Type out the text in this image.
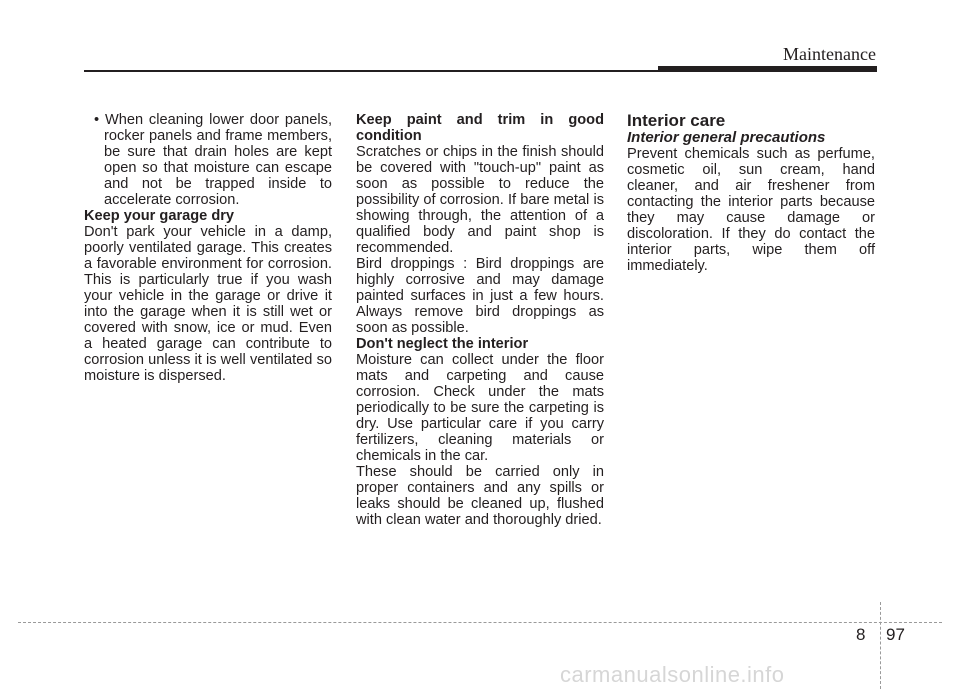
Maintenance

• When cleaning lower door panels, rocker panels and frame members, be sure that drain holes are kept open so that moisture can escape and not be trapped inside to accelerate corrosion.

Keep your garage dry

Don't park your vehicle in a damp, poorly ventilated garage. This creates a favorable environment for corrosion. This is particularly true if you wash your vehicle in the garage or drive it into the garage when it is still wet or covered with snow, ice or mud. Even a heated garage can contribute to corrosion unless it is well ventilated so moisture is dispersed.

Keep paint and trim in good condition

Scratches or chips in the finish should be covered with "touch-up" paint as soon as possible to reduce the possibility of corrosion. If bare metal is showing through, the attention of a qualified body and paint shop is recommended.

Bird droppings : Bird droppings are highly corrosive and may damage painted surfaces in just a few hours. Always remove bird droppings as soon as possible.

Don't neglect the interior

Moisture can collect under the floor mats and carpeting and cause corrosion. Check under the mats periodically to be sure the carpeting is dry. Use particular care if you carry fertilizers, cleaning materials or chemicals in the car.

These should be carried only in proper containers and any spills or leaks should be cleaned up, flushed with clean water and thoroughly dried.

Interior care

Interior general precautions

Prevent chemicals such as perfume, cosmetic oil, sun cream, hand cleaner, and air freshener from contacting the interior parts because they may cause damage or discoloration. If they do contact the interior parts, wipe them off immediately.

8 97
carmanualsonline.info
